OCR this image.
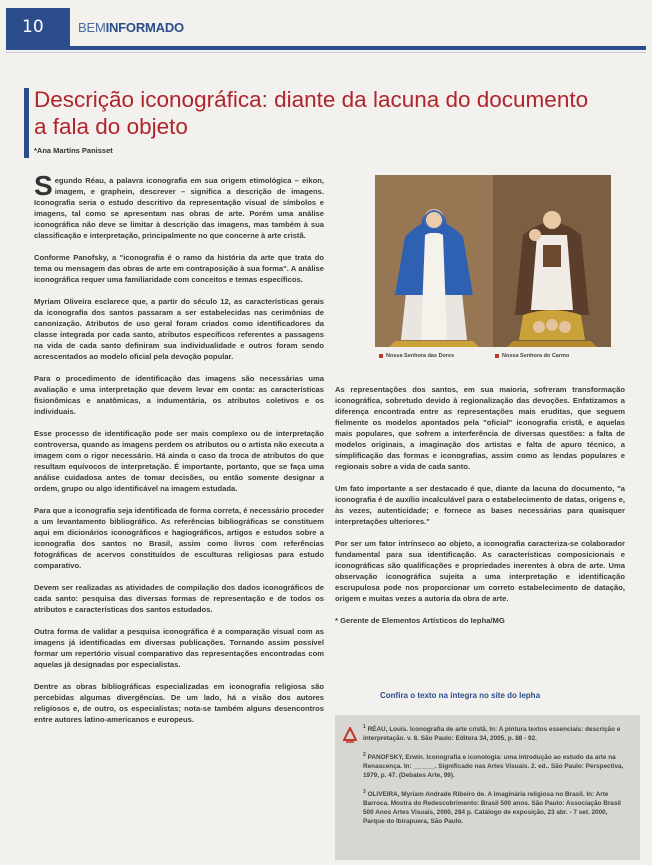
10	BEMINFORMADO
Descrição iconográfica: diante da lacuna do documento a fala do objeto
*Ana Martins Panisset

Segundo Réau, a palavra iconografia em sua origem etimológica – eikon, imagem, e graphein, descrever – significa a descrição de imagens. Iconografia seria o estudo descritivo da representação visual de símbolos e imagens, tal como se apresentam nas obras de arte. Porém uma análise iconográfica não deve se limitar à descrição das imagens, mas também à sua classificação e interpretação, principalmente no que concerne à arte cristã.

Conforme Panofsky, a "iconografia é o ramo da história da arte que trata do tema ou mensagem das obras de arte em contraposição à sua forma". A análise iconográfica requer uma familiaridade com conceitos e temas específicos.

Myriam Oliveira esclarece que, a partir do século 12, as características gerais da iconografia dos santos passaram a ser estabelecidas nas cerimônias de canonização. Atributos de uso geral foram criados como identificadores da classe integrada por cada santo, atributos específicos referentes a passagens na vida de cada santo definiram sua individualidade e outros foram sendo acrescentados ao modelo oficial pela devoção popular.

Para o procedimento de identificação das imagens são necessárias uma avaliação e uma interpretação que devem levar em conta: as características fisionômicas e anatômicas, a indumentária, os atributos coletivos e os individuais.

Esse processo de identificação pode ser mais complexo ou de interpretação controversa, quando as imagens perdem os atributos ou o artista não executa a imagem com o rigor necessário. Há ainda o caso da troca de atributos do que resultam equívocos de interpretação. É importante, portanto, que se faça uma análise cuidadosa antes de tomar decisões, ou então somente designar a ordem, grupo ou algo identificável na imagem estudada.

Para que a iconografia seja identificada de forma correta, é necessário proceder a um levantamento bibliográfico. As referências bibliográficas se constituem aqui em dicionários iconográficos e hagiográficos, artigos e estudos sobre a iconografia dos santos no Brasil, assim como livros com referências fotográficas de acervos constituídos de esculturas religiosas para estudo comparativo.

Devem ser realizadas as atividades de compilação dos dados iconográficos de cada santo: pesquisa das diversas formas de representação e de todos os atributos e características dos santos estudados.

Outra forma de validar a pesquisa iconográfica é a comparação visual com as imagens já identificadas em diversas publicações. Tornando assim possível formar um repertório visual comparativo das representações encontradas com aquelas já designadas por especialistas.

Dentre as obras bibliográficas especializadas em iconografia religiosa são percebidas algumas divergências. De um lado, há a visão dos autores religiosos e, de outro, os especialistas; nota-se também alguns desencontros entre autores latino-americanos e europeus.

Nossa Senhora das Dores	Nossa Senhora do Carmo

As representações dos santos, em sua maioria, sofreram transformação iconográfica, sobretudo devido à regionalização das devoções. Enfatizamos a diferença encontrada entre as representações mais eruditas, que seguem fielmente os modelos apontados pela "oficial" iconografia cristã, e aquelas mais populares, que sofrem a interferência de diversas questões: a falta de modelos originais, a imaginação dos artistas e falta de apuro técnico, a simplificação das formas e iconografias, assim como as lendas populares e regionais sobre a vida de cada santo.

Um fato importante a ser destacado é que, diante da lacuna do documento, "a iconografia é de auxílio incalculável para o estabelecimento de datas, origens e, às vezes, autenticidade; e fornece as bases necessárias para quaisquer interpretações ulteriores."

Por ser um fator intrínseco ao objeto, a iconografia caracteriza-se colaborador fundamental para sua identificação. As características composicionais e iconográficas são qualificações e propriedades inerentes à obra de arte. Uma observação iconográfica sujeita a uma interpretação e identificação escrupulosa pode nos proporcionar um correto estabelecimento de datação, origem e muitas vezes a autoria da obra de arte.

* Gerente de Elementos Artísticos do Iepha/MG

Confira o texto na íntegra no site do Iepha
$^1$ RÉAU, Louis. Iconografia de arte cristã. In: A pintura textos essenciais: descrição e interpretação. v. 8. São Paulo: Editora 34, 2005, p. 88 - 92.
$^2$ PANOFSKY, Erwin. Iconografia e iconologia: uma introdução ao estudo da arte na Renascença. In: ______. Significado nas Artes Visuais. 2. ed.. São Paulo: Perspectiva, 1979, p. 47. (Debates Arte, 99).
$^3$ OLIVEIRA, Myriam Andrade Ribeiro de. A imaginária religiosa no Brasil. In: Arte Barroca. Mostra do Redescobrimento: Brasil 500 anos. São Paulo: Associação Brasil 500 Anos Artes Visuais, 2000, 284 p. Catálogo de exposição, 23 abr. - 7 set. 2000, Parque do Ibirapuera, São Paulo.
